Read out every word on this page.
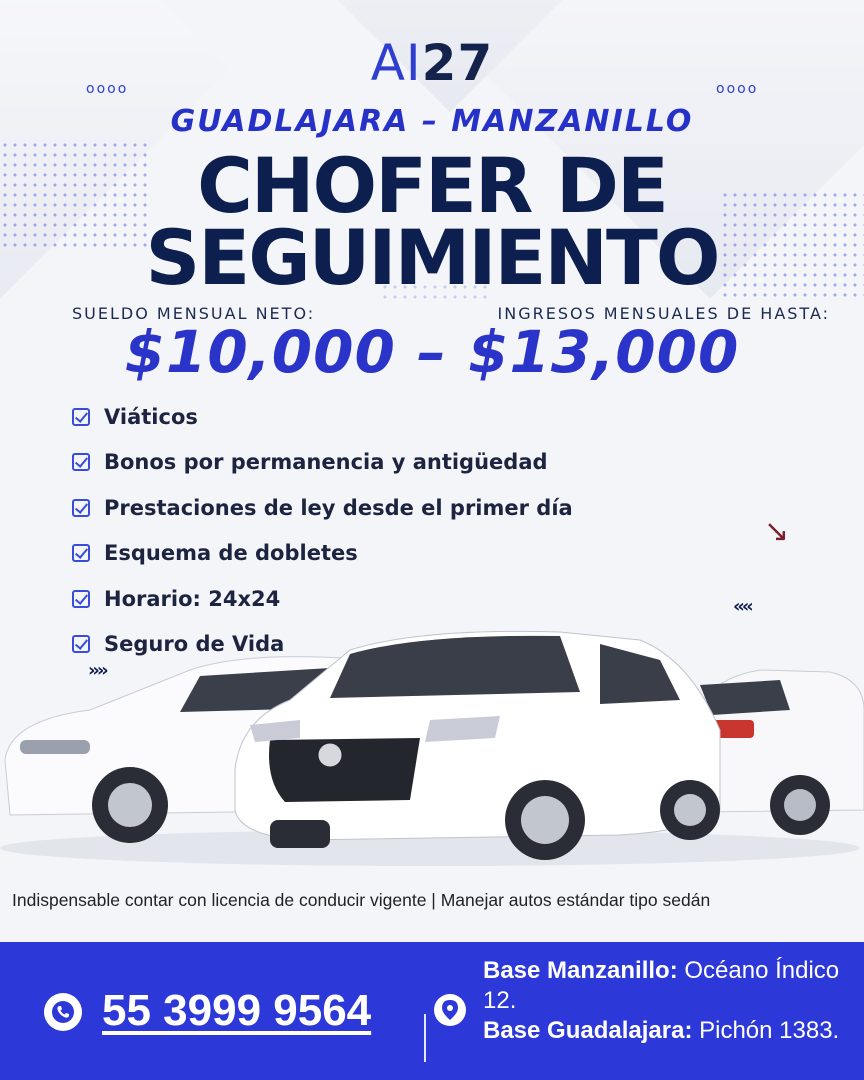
AI27
oooo	oooo
GUADLAJARA – MANZANILLO
CHOFER DE
SEGUIMIENTO
SUELDO MENSUAL NETO:	INGRESOS MENSUALES DE HASTA:
$10,000 – $13,000
Viáticos
Bonos por permanencia y antigüedad
Prestaciones de ley desde el primer día
Esquema de dobletes
Horario: 24x24
Seguro de Vida
↘
‹‹‹‹
››››
Indispensable contar con licencia de conducir vigente | Manejar autos estándar tipo sedán
55 3999 9564
Base Manzanillo: Océano Índico 12.
Base Guadalajara: Pichón 1383.
